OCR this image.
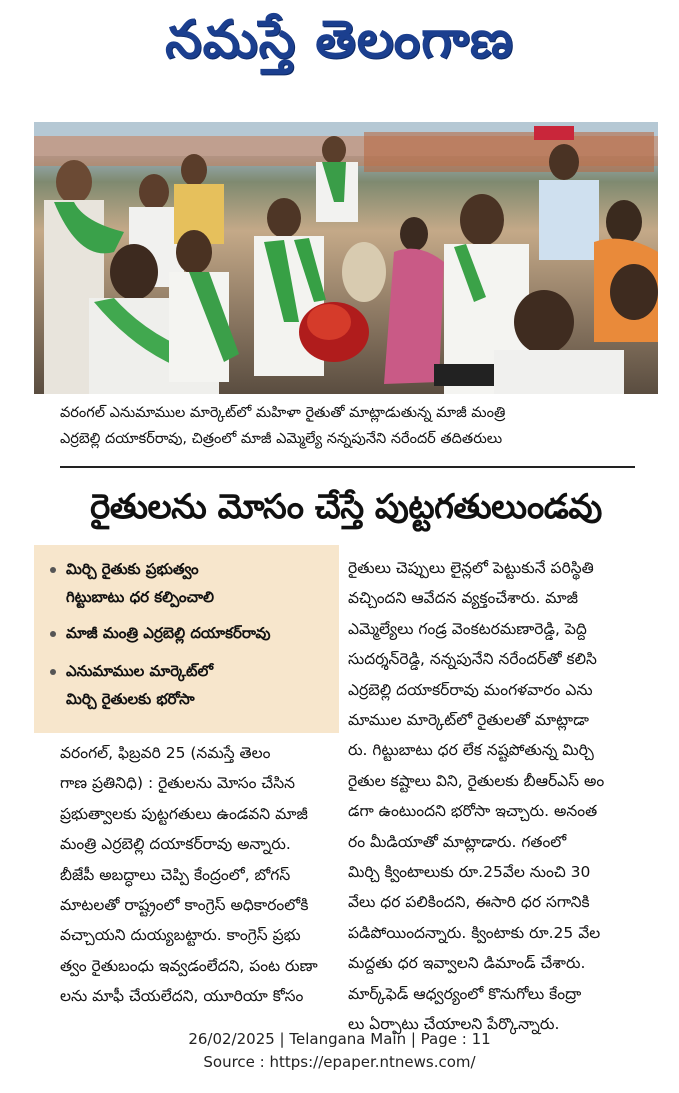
నమస్తే తెలంగాణ
వరంగల్ ఎనుమాముల మార్కెట్‌లో మహిళా రైతుతో మాట్లాడుతున్న మాజీ మంత్రి
ఎర్రబెల్లి దయాకర్‌రావు, చిత్రంలో మాజీ ఎమ్మెల్యే నన్నపునేని నరేందర్ తదితరులు
రైతులను మోసం చేస్తే పుట్టగతులుండవు
మిర్చి రైతుకు ప్రభుత్వం
గిట్టుబాటు ధర కల్పించాలి
మాజీ మంత్రి ఎర్రబెల్లి దయాకర్‌రావు
ఎనుమాముల మార్కెట్‌లో
మిర్చి రైతులకు భరోసా
వరంగల్, ఫిబ్రవరి 25 (నమస్తే తెలం
గాణ ప్రతినిధి) : రైతులను మోసం చేసిన
ప్రభుత్వాలకు పుట్టగతులు ఉండవని మాజీ
మంత్రి ఎర్రబెల్లి దయాకర్‌రావు అన్నారు.
బీజేపీ అబద్ధాలు చెప్పి కేంద్రంలో, బోగస్
మాటలతో రాష్ట్రంలో కాంగ్రెస్ అధికారంలోకి
వచ్చాయని దుయ్యబట్టారు. కాంగ్రెస్ ప్రభు
త్వం రైతుబంధు ఇవ్వడంలేదని, పంట రుణా
లను మాఫీ చేయలేదని, యూరియా కోసం
రైతులు చెప్పులు లైన్లలో పెట్టుకునే పరిస్థితి
వచ్చిందని ఆవేదన వ్యక్తంచేశారు. మాజీ
ఎమ్మెల్యేలు గండ్ర వెంకటరమణారెడ్డి, పెద్ది
సుదర్శన్‌రెడ్డి, నన్నపునేని నరేందర్‌తో కలిసి
ఎర్రబెల్లి దయాకర్‌రావు మంగళవారం ఎను
మాముల మార్కెట్‌లో రైతులతో మాట్లాడా
రు. గిట్టుబాటు ధర లేక నష్టపోతున్న మిర్చి
రైతుల కష్టాలు విని, రైతులకు బీఆర్‌ఎస్ అం
డగా ఉంటుందని భరోసా ఇచ్చారు. అనంత
రం మీడియాతో మాట్లాడారు. గతంలో
మిర్చి క్వింటాలుకు రూ.25వేల నుంచి 30
వేలు ధర పలికిందని, ఈసారి ధర సగానికి
పడిపోయిందన్నారు. క్వింటాకు రూ.25 వేల
మద్దతు ధర ఇవ్వాలని డిమాండ్ చేశారు.
మార్క్‌ఫెడ్ ఆధ్వర్యంలో కొనుగోలు కేంద్రా
లు ఏర్పాటు చేయాలని పేర్కొన్నారు.
26/02/2025 | Telangana Main | Page : 11
Source : https://epaper.ntnews.com/
